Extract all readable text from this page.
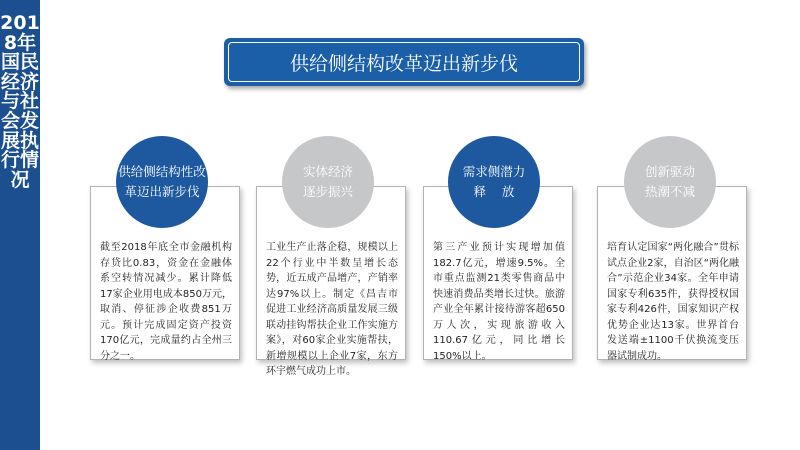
2018年国民经济与社会发展执行情况
供给侧结构改革迈出新步伐
截至2018年底全市金融机构存贷比0.83，资金在金融体系空转情况减少。累计降低17家企业用电成本850万元，取消、停征涉企收费851万元。预计完成固定资产投资170亿元，完成量约占全州三分之一。
供给侧结构性改
革迈出新步伐
工业生产止落企稳，规模以上22个行业中半数呈增长态势，近五成产品增产，产销率达97%以上。制定《昌吉市促进工业经济高质量发展三级联动挂钩帮扶企业工作实施方案》，对60家企业实施帮扶，新增规模以上企业7家，东方环宇燃气成功上市。
实体经济
逐步振兴
第三产业预计实现增加值182.7亿元，增速9.5%。全市重点监测21类零售商品中快速消费品类增长过快。旅游产业全年累计接待游客超650万人次，实现旅游收入110.67亿元，同比增长150%以上。
需求侧潜力
释    放
培育认定国家“两化融合”贯标试点企业2家，自治区“两化融合”示范企业34家。全年申请国家专利635件，获得授权国家专利426件，国家知识产权优势企业达13家。世界首台发送端±1100千伏换流变压器试制成功。
创新驱动
热潮不减
